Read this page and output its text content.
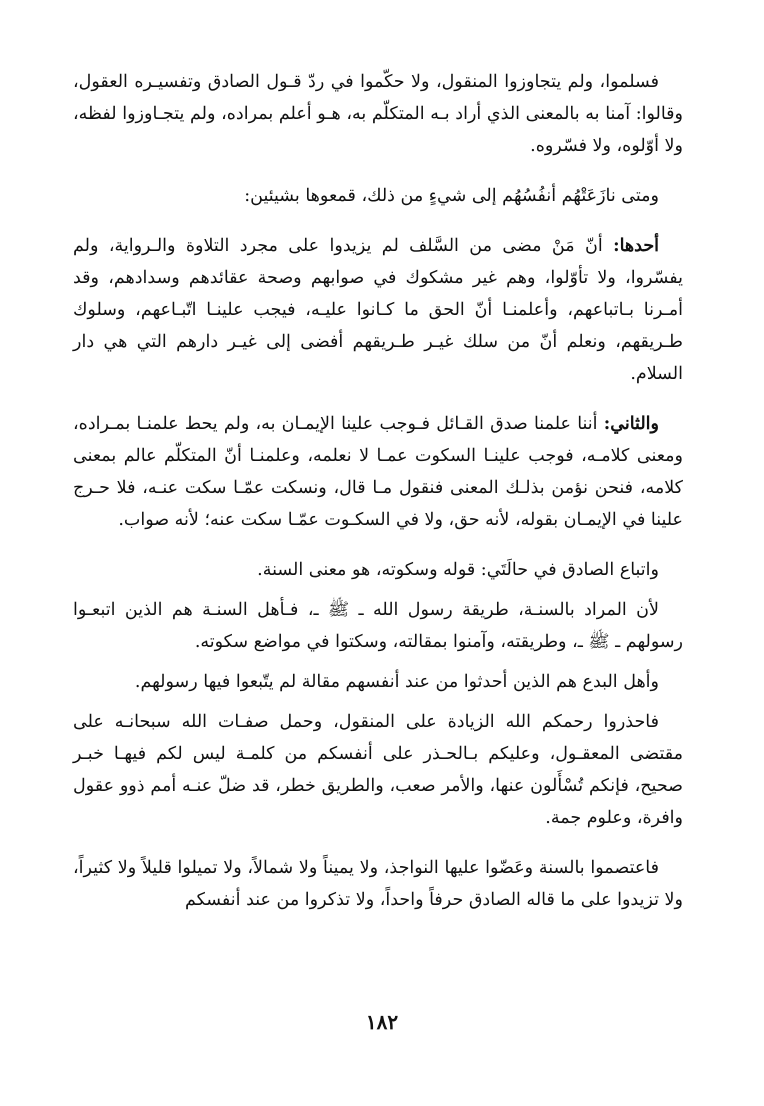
فسلموا، ولم يتجاوزوا المنقول، ولا حكّموا في ردّ قـول الصادق وتفسيـره العقول، وقالوا: آمنا به بالمعنى الذي أراد بـه المتكلّم به، هـو أعلم بمراده، ولم يتجـاوزوا لفظه، ولا أوّلوه، ولا فسّروه.

ومتى نازَعَتْهُم أنفُسُهُم إلى شيءٍ من ذلك، قمعوها بشيئين:

أحدها: أنّ مَنْ مضى من السَّلف لم يزيدوا على مجرد التلاوة والـرواية، ولم يفسّروا، ولا تأوّلوا، وهم غير مشكوك في صوابهم وصحة عقائدهم وسدادهم، وقد أمـرنا بـاتباعهم، وأعلمنـا أنّ الحق ما كـانوا عليـه، فيجب علينـا اتّبـاعهم، وسلوك طـريقهم، ونعلم أنّ من سلك غيـر طـريقهم أفضى إلى غيـر دارهم التي هي دار السلام.

والثاني: أننا علمنا صدق القـائل فـوجب علينا الإيمـان به، ولم يحط علمنـا بمـراده، ومعنى كلامـه، فوجب علينـا السكوت عمـا لا نعلمه، وعلمنـا أنّ المتكلّم عالم بمعنى كلامه، فنحن نؤمن بذلـك المعنى فنقول مـا قال، ونسكت عمّـا سكت عنـه، فلا حـرج علينا في الإيمـان بقوله، لأنه حق، ولا في السكـوت عمّـا سكت عنه؛ لأنه صواب.

واتباع الصادق في حالَتَي: قوله وسكوته، هو معنى السنة.

لأن المراد بالسنـة، طريقة رسول الله ـ ﷺ ـ، فـأهل السنـة هم الذين اتبعـوا رسولهم ـ ﷺ ـ، وطريقته، وآمنوا بمقالته، وسكتوا في مواضع سكوته.

وأهل البدع هم الذين أحدثوا من عند أنفسهم مقالة لم يتّبعوا فيها رسولهم.

فاحذروا رحمكم الله الزيادة على المنقول، وحمل صفـات الله سبحانـه على مقتضى المعقـول، وعليكم بـالحـذر على أنفسكم من كلمـة ليس لكم فيهـا خبـر صحيح، فإنكم تُسْأَلون عنها، والأمر صعب، والطريق خطر، قد ضلّ عنـه أمم ذوو عقول وافرة، وعلوم جمة.

فاعتصموا بالسنة وعَضّوا عليها النواجذ، ولا يميناً ولا شمالاً، ولا تميلوا قليلاً ولا كثيراً، ولا تزيدوا على ما قاله الصادق حرفاً واحداً، ولا تذكروا من عند أنفسكم

١٨٢
